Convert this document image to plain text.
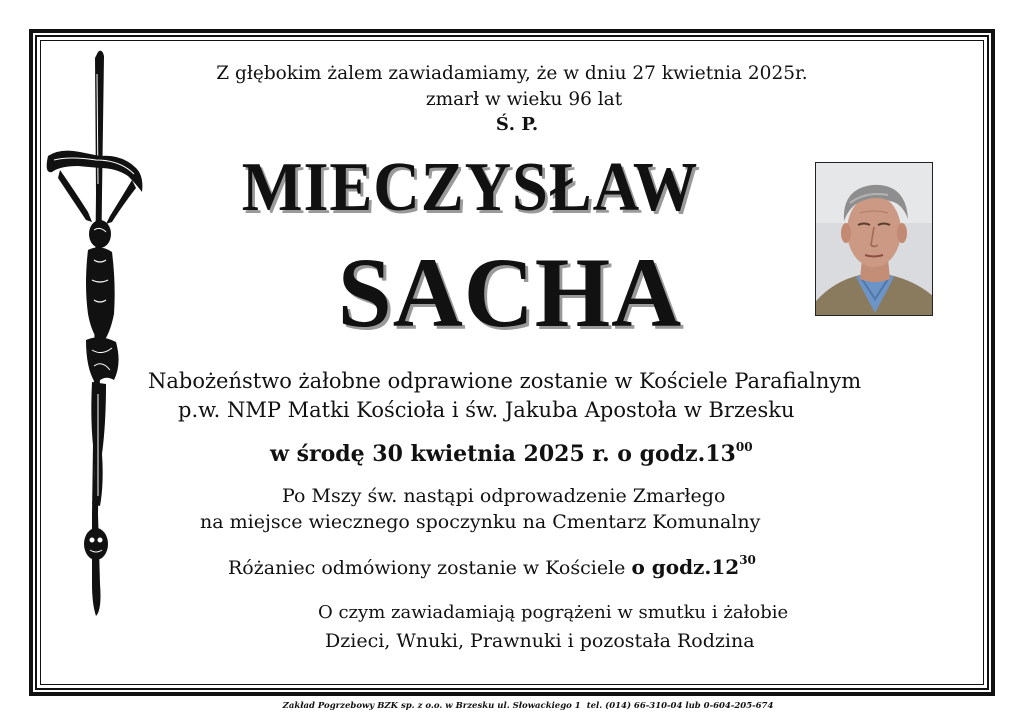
Z głębokim żalem zawiadamiamy, że w dniu 27 kwietnia 2025r.
zmarł w wieku 96 lat
Ś. P.
MIECZYSŁAW
SACHA
Nabożeństwo żałobne odprawione zostanie w Kościele Parafialnym
p.w. NMP Matki Kościoła i św. Jakuba Apostoła w Brzesku
w środę 30 kwietnia 2025 r. o $godz.13^{00}$
Po Mszy św. nastąpi odprowadzenie Zmarłego
na miejsce wiecznego spoczynku na Cmentarz Komunalny
Różaniec odmówiony zostanie w Kościele o $godz.12^{30}$
O czym zawiadamiają pogrążeni w smutku i żałobie
Dzieci, Wnuki, Prawnuki i pozostała Rodzina
Zakład Pogrzebowy BZK sp. z o.o. w Brzesku ul. Słowackiego 1 tel. (014) 66-310-04 lub 0-604-205-674
